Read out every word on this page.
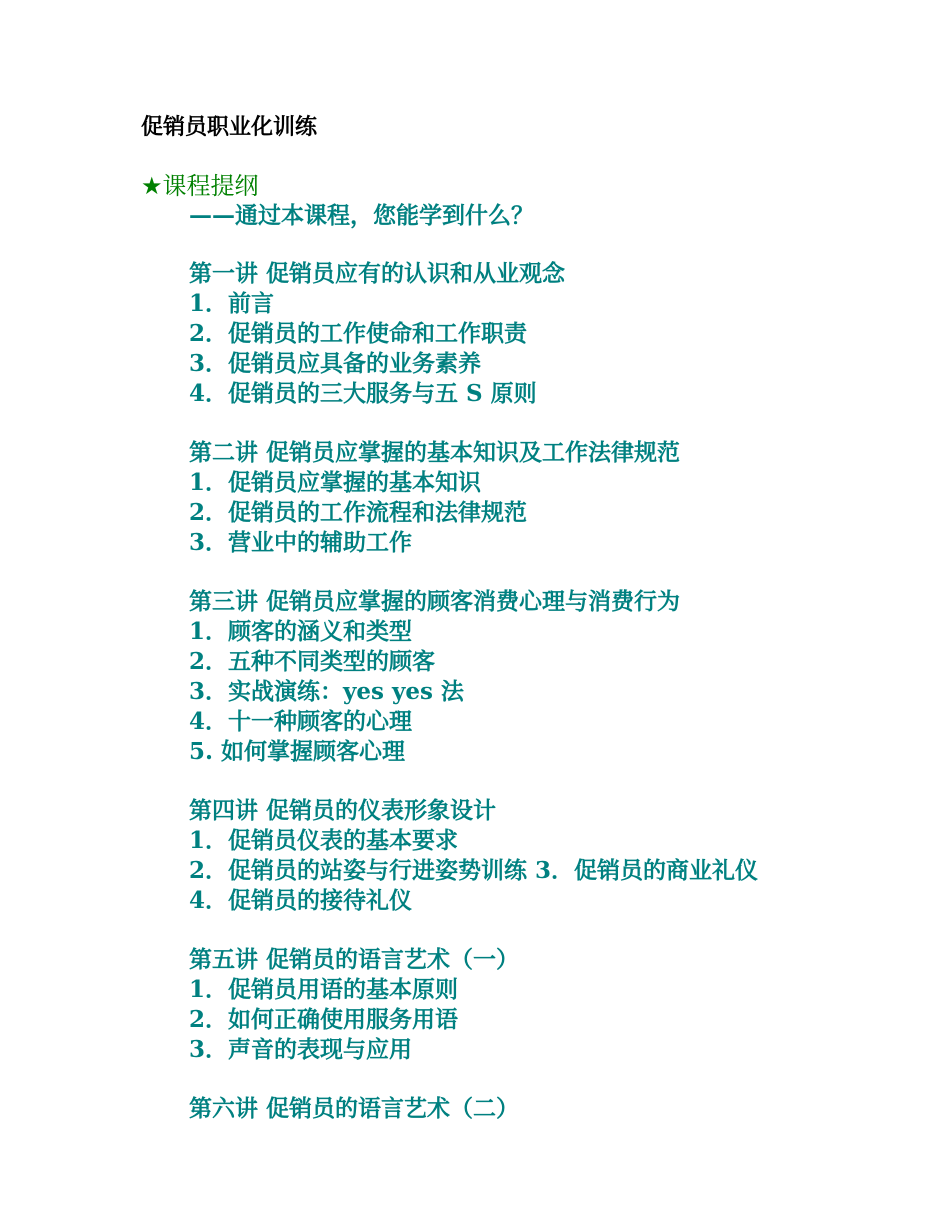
促销员职业化训练
★课程提纲
——通过本课程，您能学到什么？
第一讲 促销员应有的认识和从业观念
1．前言
2．促销员的工作使命和工作职责
3．促销员应具备的业务素养
4．促销员的三大服务与五 S 原则
第二讲 促销员应掌握的基本知识及工作法律规范
1．促销员应掌握的基本知识
2．促销员的工作流程和法律规范
3．营业中的辅助工作
第三讲 促销员应掌握的顾客消费心理与消费行为
1．顾客的涵义和类型
2．五种不同类型的顾客
3．实战演练：yes yes 法
4．十一种顾客的心理
5. 如何掌握顾客心理
第四讲 促销员的仪表形象设计
1．促销员仪表的基本要求
2．促销员的站姿与行进姿势训练 3．促销员的商业礼仪
4．促销员的接待礼仪
第五讲 促销员的语言艺术（一）
1．促销员用语的基本原则
2．如何正确使用服务用语
3．声音的表现与应用
第六讲 促销员的语言艺术（二）
